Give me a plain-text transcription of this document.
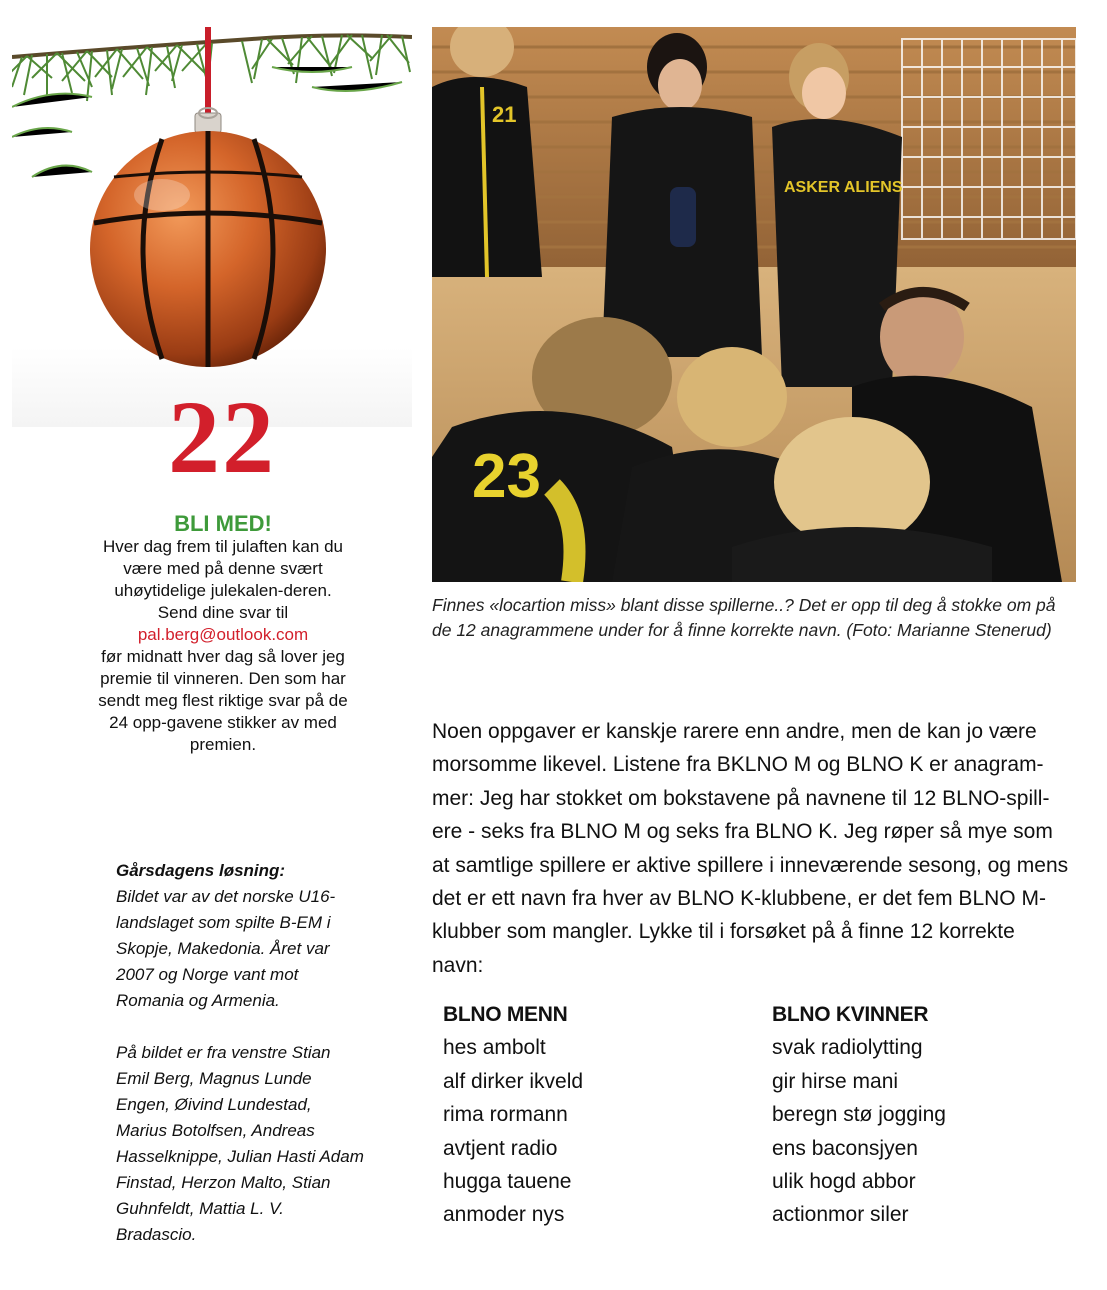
22
BLI MED!
Hver dag frem til julaften kan du være med på denne svært uhøytidelige julekalen-deren. Send dine svar til
pal.berg@outlook.com
før midnatt hver dag så lover jeg premie til vinneren. Den som har sendt meg flest riktige svar på de 24 opp-gavene stikker av med premien.
Gårsdagens løsning:
Bildet var av det norske U16-landslaget som spilte B-EM i Skopje, Makedonia. Året var 2007 og Norge vant mot Romania og Armenia.
På bildet er fra venstre Stian Emil Berg, Magnus Lunde Engen, Øivind Lundestad, Marius Botolfsen, Andreas Hasselknippe, Julian Hasti Adam Finstad, Herzon Malto, Stian Guhnfeldt, Mattia L. V. Bradascio.
ASKER ALIENS
21
23
Finnes «locartion miss» blant disse spillerne..? Det er opp til deg å stokke om på de 12 anagrammene under for å finne korrekte navn. (Foto: Marianne Stenerud)
Noen oppgaver er kanskje rarere enn andre, men de kan jo være morsomme likevel. Listene fra BKLNO M og BLNO K er anagram-mer: Jeg har stokket om bokstavene på navnene til 12 BLNO-spill-ere - seks fra BLNO M og seks fra BLNO K. Jeg røper så mye som at samtlige spillere er aktive spillere i inneværende sesong, og mens det er ett navn fra hver av BLNO K-klubbene, er det fem BLNO M-klubber som mangler. Lykke til i forsøket på å finne 12 korrekte navn:
BLNO MENN
hes ambolt
alf dirker ikveld
rima rormann
avtjent radio
hugga tauene
anmoder nys
BLNO KVINNER
svak radiolytting
gir hirse mani
beregn stø jogging
ens baconsjyen
ulik hogd abbor
actionmor siler
